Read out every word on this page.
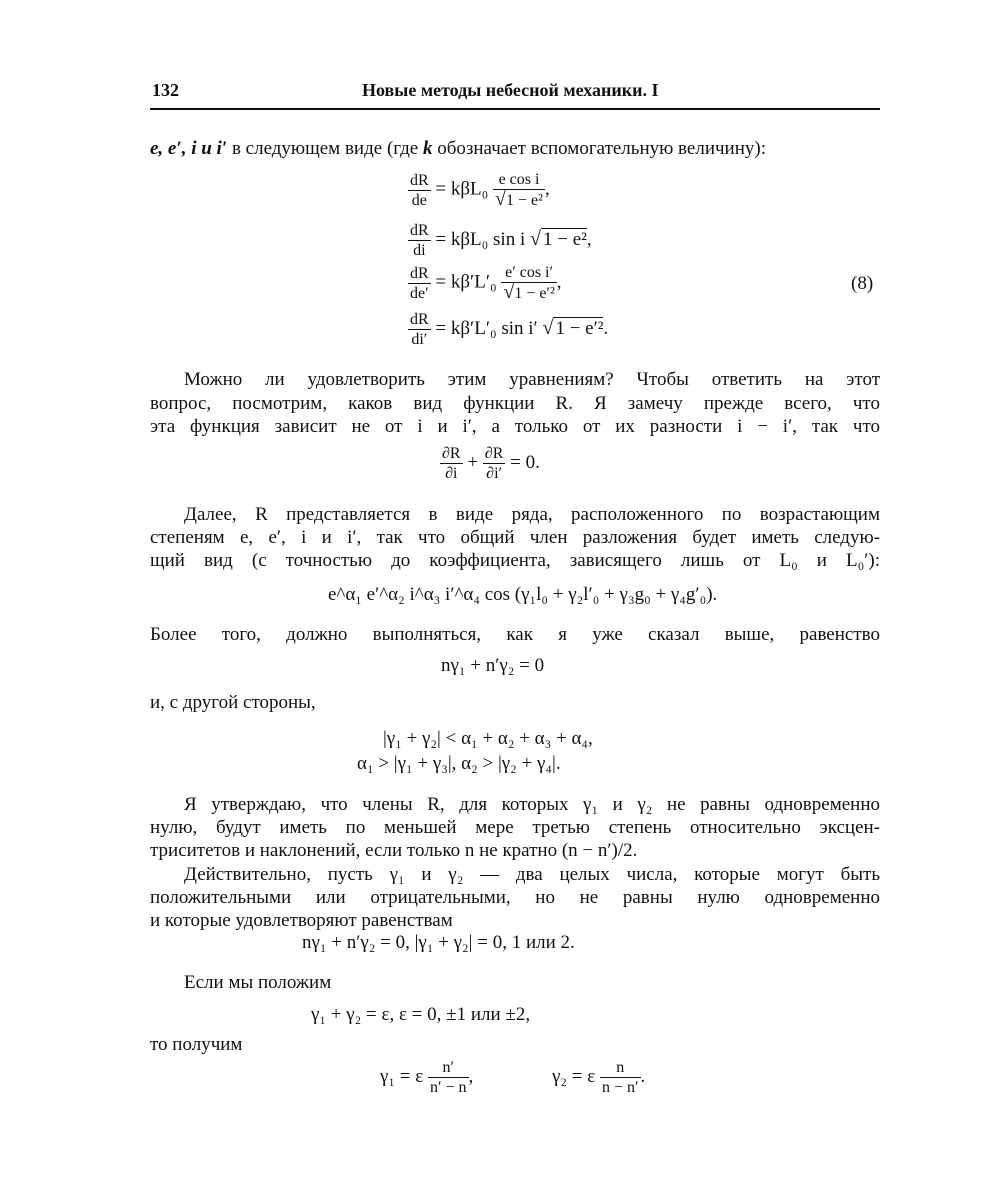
132	Новые методы небесной механики. I
e, e′, i и i′ в следующем виде (где k обозначает вспомогательную величину):
$\frac{dR}{de} = k\beta L_0 \frac{\text{e cos i}}{\text{√1 − e²}}$ ,
$\frac{dR}{di} = k\beta L_0$ sin i √ 1 − e²,
$\frac{dR}{de'} = k\beta'L'_0 \frac{\text{e′ cos i′}}{\text{√1 − e′²}}$ ,
$\frac{dR}{di'} = k\beta'L'_0$ sin i′ √ 1 − e′².
(8)
Можно ли удовлетворить этим уравнениям? Чтобы ответить на этот
вопрос, посмотрим, каков вид функции R. Я замечу прежде всего, что
эта функция зависит не от i и i′, а только от их разности i − i′, так что
$\frac{\partial R}{\partial i} + \frac{\partial R}{\partial i'} = 0$.
Далее, R представляется в виде ряда, расположенного по возрастающим
степеням e, e′, i и i′, так что общий член разложения будет иметь следую-
щий вид (с точностью до коэффициента, зависящего лишь от L₀ и L₀′):
e^α₁ e′^α₂ i^α₃ i′^α₄ cos (γ₁l₀ + γ₂l′₀ + γ₃g₀ + γ₄g′₀).
Более того, должно выполняться, как я уже сказал выше, равенство
nγ₁ + n′γ₂ = 0
и, с другой стороны,
|γ₁ + γ₂| < α₁ + α₂ + α₃ + α₄,
α₁ > |γ₁ + γ₃|, α₂ > |γ₂ + γ₄|.
Я утверждаю, что члены R, для которых γ₁ и γ₂ не равны одновременно
нулю, будут иметь по меньшей мере третью степень относительно эксцен-
триситетов и наклонений, если только n не кратно (n − n′)/2.
Действительно, пусть γ₁ и γ₂ — два целых числа, которые могут быть
положительными или отрицательными, но не равны нулю одновременно
и которые удовлетворяют равенствам
nγ₁ + n′γ₂ = 0, |γ₁ + γ₂| = 0, 1 или 2.
Если мы положим
γ₁ + γ₂ = ε, ε = 0, ±1 или ±2,
то получим
γ₁ = ε $\frac{n'}{n' - n}$ ,	γ₂ = ε $\frac{n}{n - n'}$ .
